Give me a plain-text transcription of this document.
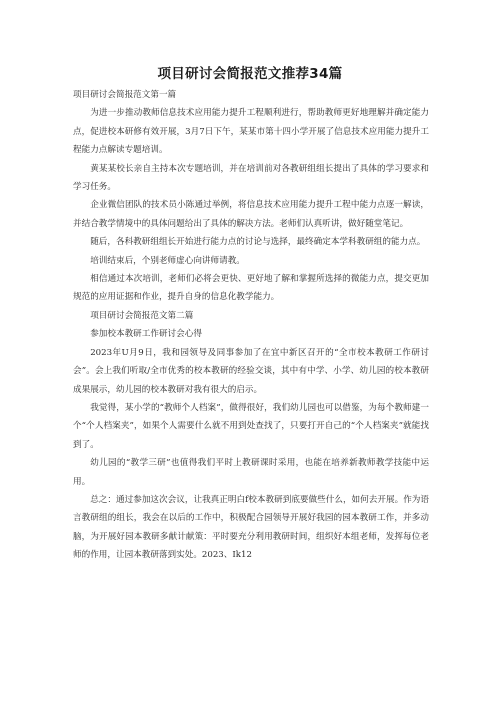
项目研讨会简报范文推荐34篇

项目研讨会简报范文第一篇

为进一步推动教师信息技术应用能力提升工程顺利进行，帮助教师更好地理解并确定能力点，促进校本研修有效开展，3月7日下午，某某市第十四小学开展了信息技术应用能力提升工程能力点解读专题培训。

黄某某校长亲自主持本次专题培训，并在培训前对各教研组组长提出了具体的学习要求和学习任务。

企业微信团队的技术员小陈通过举例，将信息技术应用能力提升工程中能力点逐一解读，并结合教学情境中的具体问题给出了具体的解决方法。老师们认真听讲，做好随堂笔记。

随后，各科教研组组长开始进行能力点的讨论与选择，最终确定本学科教研组的能力点。

培训结束后，个别老师虚心向讲师请教。

相信通过本次培训，老师们必将会更快、更好地了解和掌握所选择的微能力点，提交更加规范的应用证据和作业，提升自身的信息化教学能力。

项目研讨会简报范文第二篇

参加校本教研工作研讨会心得

2023年U月9日，我和园领导及同事参加了在宜中新区召开的“全市校本教研工作研讨会”。会上我们听取/全市优秀的校本教研的经验交谈，其中有中学、小学、幼儿园的校本教研成果展示，幼儿园的校本教研对我有很大的启示。

我觉得，某小学的“教师个人档案”，做得很好，我们幼儿园也可以借鉴，为每个教师建一个“个人档案夹”，如果个人需要什么就不用到处查找了，只要打开自己的“个人档案夹”就能找到了。

幼儿园的“教学三研”也值得我们平时上教研课时采用，也能在培养新教师教学技能中运用。

总之：通过参加这次会议，让我真正明白f校本教研到底要做些什么，如何去开展。作为语言教研组的组长，我会在以后的工作中，积极配合园领导开展好我园的园本教研工作，并多动脑，为开展好园本教研多献计献策：平时要充分利用教研时间，组织好本组老师，发挥每位老师的作用，让园本教研落到实处。2023、Ik12
